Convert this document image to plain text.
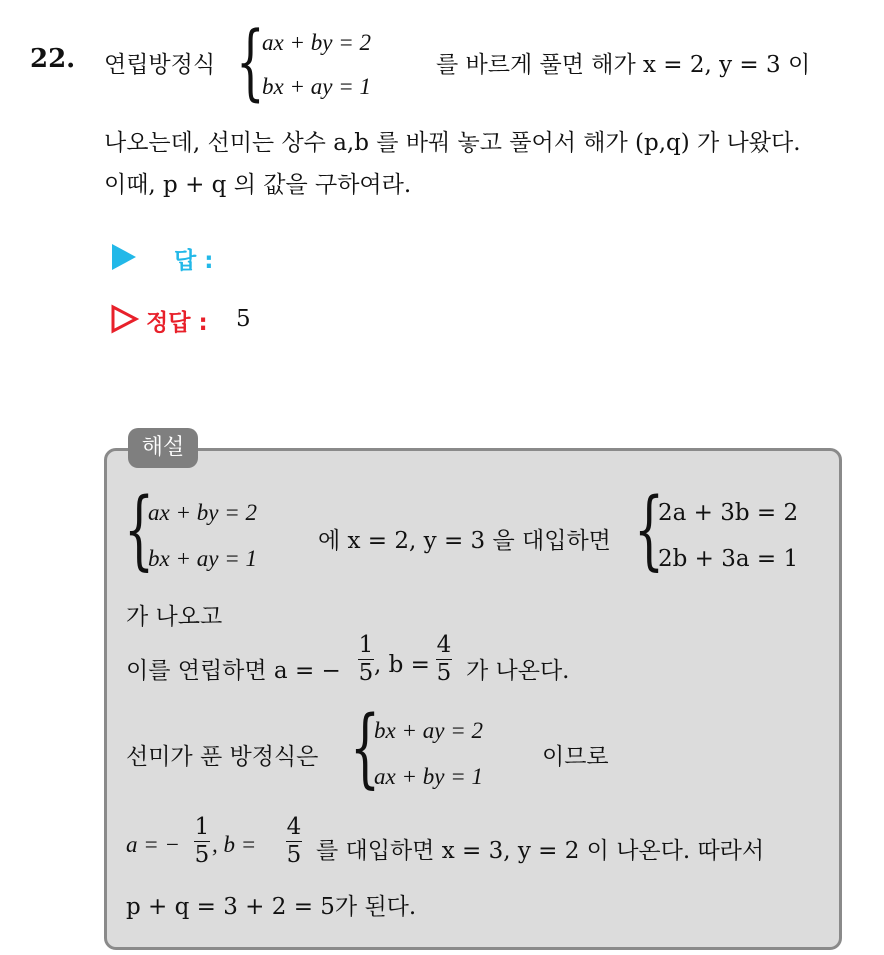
22. 연립방정식 {
ax + by = 2
bx + ay = 1
를 바르게 풀면 해가 x = 2, y = 3 이
나오는데, 선미는 상수 a,b 를 바꿔 놓고 풀어서 해가 (p,q) 가 나왔다.
이때, p + q 의 값을 구하여라.
답 :
정답 : 5
해설
{
ax + by = 2
bx + ay = 1
에 x = 2, y = 3 을 대입하면 {
2a + 3b = 2
2b + 3a = 1
가 나오고
이를 연립하면 a = −
1
5 , b =
4
5 가 나온다.
선미가 푼 방정식은 {
bx + ay = 2
ax + by = 1
이므로
a = −
1
5 , b =
4
5 를 대입하면 x = 3, y = 2 이 나온다. 따라서
p + q = 3 + 2 = 5가 된다.
